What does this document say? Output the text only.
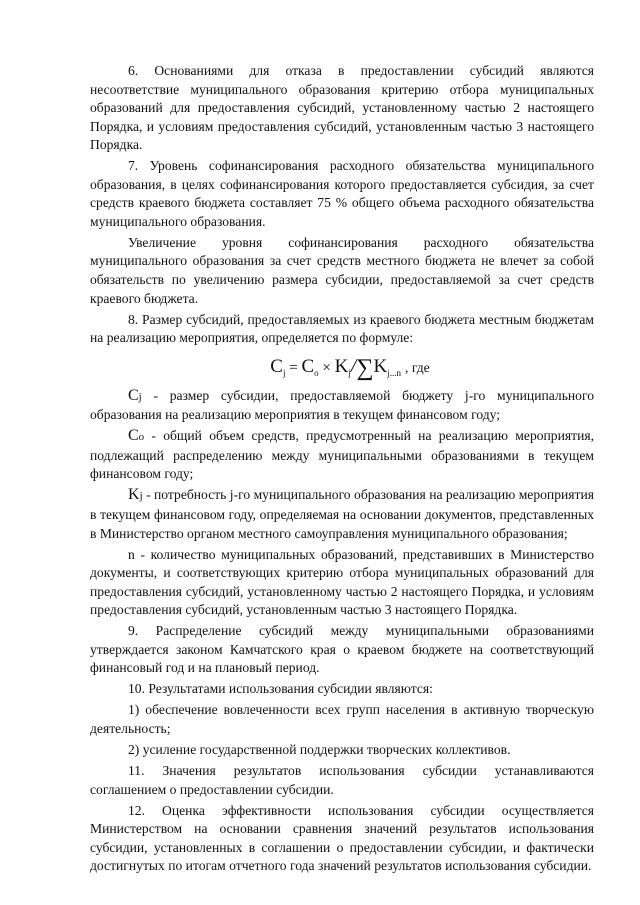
6. Основаниями для отказа в предоставлении субсидий являются несоответствие муниципального образования критерию отбора муниципальных образований для предоставления субсидий, установленному частью 2 настоящего Порядка, и условиям предоставления субсидий, установленным частью 3 настоящего Порядка.

7. Уровень софинансирования расходного обязательства муниципального образования, в целях софинансирования которого предоставляется субсидия, за счет средств краевого бюджета составляет 75 % общего объема расходного обязательства муниципального образования.

Увеличение уровня софинансирования расходного обязательства муниципального образования за счет средств местного бюджета не влечет за собой обязательств по увеличению размера субсидии, предоставляемой за счет средств краевого бюджета.

8. Размер субсидий, предоставляемых из краевого бюджета местным бюджетам на реализацию мероприятия, определяется по формуле:

$C_j = C_o \times K_j/\sum K_{j...n}$ , где

Cj - размер субсидии, предоставляемой бюджету j-го муниципального образования на реализацию мероприятия в текущем финансовом году;

Co - общий объем средств, предусмотренный на реализацию мероприятия, подлежащий распределению между муниципальными образованиями в текущем финансовом году;

Kj - потребность j-го муниципального образования на реализацию мероприятия в текущем финансовом году, определяемая на основании документов, представленных в Министерство органом местного самоуправления муниципального образования;

n - количество муниципальных образований, представивших в Министерство документы, и соответствующих критерию отбора муниципальных образований для предоставления субсидий, установленному частью 2 настоящего Порядка, и условиям предоставления субсидий, установленным частью 3 настоящего Порядка.

9. Распределение субсидий между муниципальными образованиями утверждается законом Камчатского края о краевом бюджете на соответствующий финансовый год и на плановый период.

10. Результатами использования субсидии являются:

1) обеспечение вовлеченности всех групп населения в активную творческую деятельность;

2) усиление государственной поддержки творческих коллективов.

11. Значения результатов использования субсидии устанавливаются соглашением о предоставлении субсидии.

12. Оценка эффективности использования субсидии осуществляется Министерством на основании сравнения значений результатов использования субсидии, установленных в соглашении о предоставлении субсидии, и фактически достигнутых по итогам отчетного года значений результатов использования субсидии.
